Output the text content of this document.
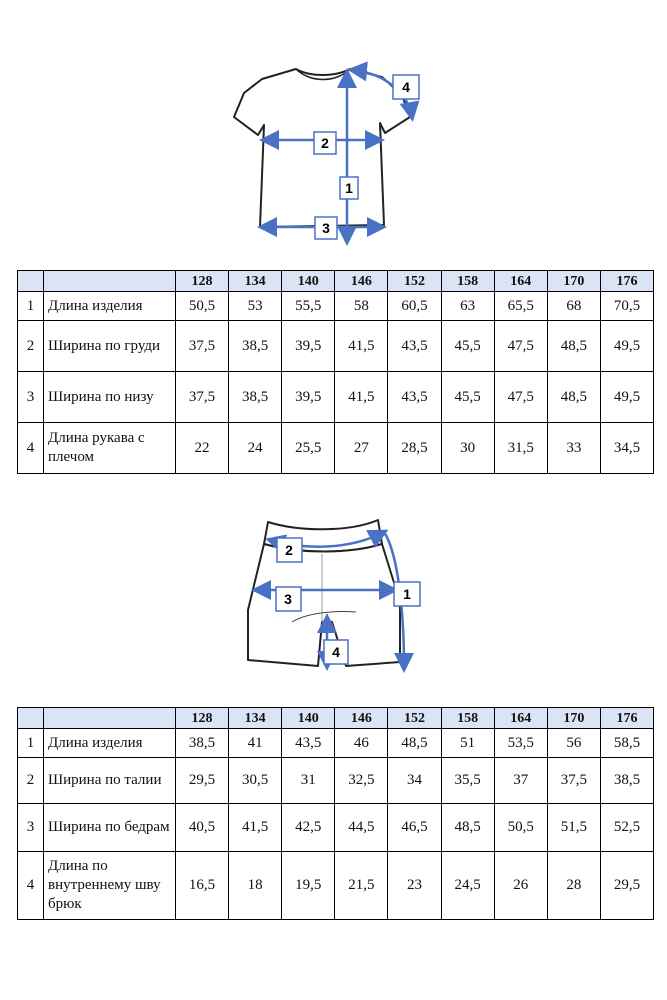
1
2
3
4
		128	134	140	146	152	158	164	170	176
1	Длина изделия	50,5	53	55,5	58	60,5	63	65,5	68	70,5
2	Ширина по груди	37,5	38,5	39,5	41,5	43,5	45,5	47,5	48,5	49,5
3	Ширина по низу	37,5	38,5	39,5	41,5	43,5	45,5	47,5	48,5	49,5
4	Длина рукава с плечом	22	24	25,5	27	28,5	30	31,5	33	34,5
1
2
3
4
		128	134	140	146	152	158	164	170	176
1	Длина изделия	38,5	41	43,5	46	48,5	51	53,5	56	58,5
2	Ширина по талии	29,5	30,5	31	32,5	34	35,5	37	37,5	38,5
3	Ширина по бедрам	40,5	41,5	42,5	44,5	46,5	48,5	50,5	51,5	52,5
4	Длина по внутреннему шву брюк	16,5	18	19,5	21,5	23	24,5	26	28	29,5
